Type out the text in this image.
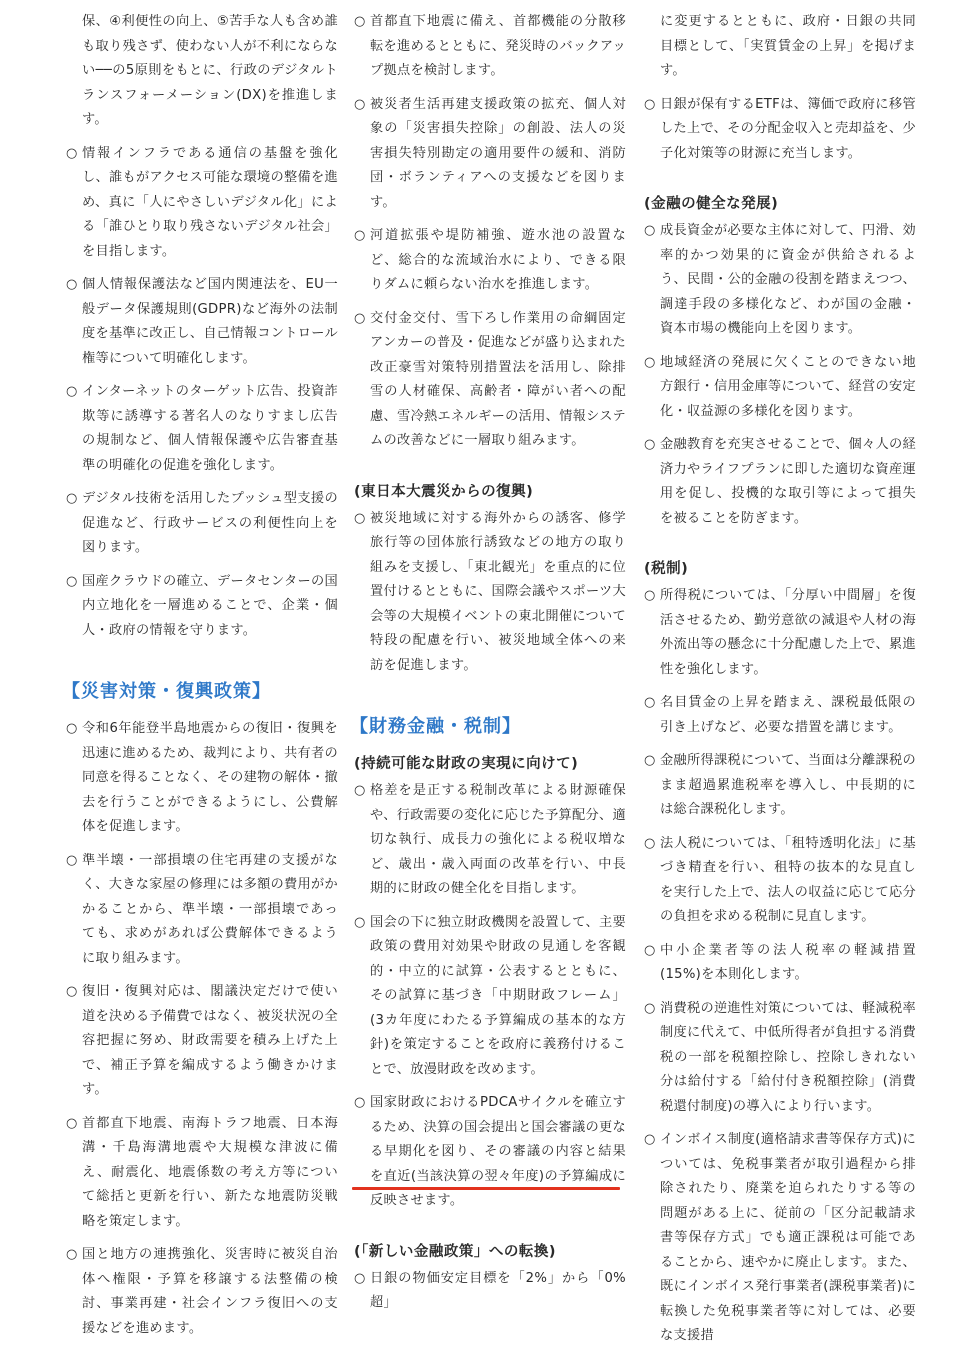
保、④利便性の向上、⑤苦手な人も含め誰も取り残さず、使わない人が不利にならない──の5原則をもとに、行政のデジタルトランスフォーメーション(DX)を推進します。
○ 情報インフラである通信の基盤を強化し、誰もがアクセス可能な環境の整備を進め、真に「人にやさしいデジタル化」による「誰ひとり取り残さないデジタル社会」を目指します。
○ 個人情報保護法など国内関連法を、EU一般データ保護規則(GDPR)など海外の法制度を基準に改正し、自己情報コントロール権等について明確化します。
○ インターネットのターゲット広告、投資詐欺等に誘導する著名人のなりすまし広告の規制など、個人情報保護や広告審査基準の明確化の促進を強化します。
○ デジタル技術を活用したプッシュ型支援の促進など、行政サービスの利便性向上を図ります。
○ 国産クラウドの確立、データセンターの国内立地化を一層進めることで、企業・個人・政府の情報を守ります。
【災害対策・復興政策】
○ 令和6年能登半島地震からの復旧・復興を迅速に進めるため、裁判により、共有者の同意を得ることなく、その建物の解体・撤去を行うことができるようにし、公費解体を促進します。
○ 準半壊・一部損壊の住宅再建の支援がなく、大きな家屋の修理には多額の費用がかかることから、準半壊・一部損壊であっても、求めがあれば公費解体できるように取り組みます。
○ 復旧・復興対応は、閣議決定だけで使い道を決める予備費ではなく、被災状況の全容把握に努め、財政需要を積み上げた上で、補正予算を編成するよう働きかけます。
○ 首都直下地震、南海トラフ地震、日本海溝・千島海溝地震や大規模な津波に備え、耐震化、地震係数の考え方等について総括と更新を行い、新たな地震防災戦略を策定します。
○ 国と地方の連携強化、災害時に被災自治体へ権限・予算を移譲する法整備の検討、事業再建・社会インフラ復旧への支援などを進めます。
○ 首都直下地震に備え、首都機能の分散移転を進めるとともに、発災時のバックアップ拠点を検討します。
○ 被災者生活再建支援政策の拡充、個人対象の「災害損失控除」の創設、法人の災害損失特別勘定の適用要件の緩和、消防団・ボランティアへの支援などを図ります。
○ 河道拡張や堤防補強、遊水池の設置など、総合的な流域治水により、できる限りダムに頼らない治水を推進します。
○ 交付金交付、雪下ろし作業用の命綱固定アンカーの普及・促進などが盛り込まれた改正豪雪対策特別措置法を活用し、除排雪の人材確保、高齢者・障がい者への配慮、雪冷熱エネルギーの活用、情報システムの改善などに一層取り組みます。
(東日本大震災からの復興)
○ 被災地域に対する海外からの誘客、修学旅行等の団体旅行誘致などの地方の取り組みを支援し、「東北観光」を重点的に位置付けるとともに、国際会議やスポーツ大会等の大規模イベントの東北開催について特段の配慮を行い、被災地域全体への来訪を促進します。
【財務金融・税制】
(持続可能な財政の実現に向けて)
○ 格差を是正する税制改革による財源確保や、行政需要の変化に応じた予算配分、適切な執行、成長力の強化による税収増など、歳出・歳入両面の改革を行い、中長期的に財政の健全化を目指します。
○ 国会の下に独立財政機関を設置して、主要政策の費用対効果や財政の見通しを客観的・中立的に試算・公表するとともに、その試算に基づき「中期財政フレーム」(3カ年度にわたる予算編成の基本的な方針)を策定することを政府に義務付けることで、放漫財政を改めます。
○ 国家財政におけるPDCAサイクルを確立するため、決算の国会提出と国会審議の更なる早期化を図り、その審議の内容と結果を直近(当該決算の翌々年度)の予算編成に反映させます。
(「新しい金融政策」への転換)
○ 日銀の物価安定目標を「2%」から「0%超」
に変更するとともに、政府・日銀の共同目標として、「実質賃金の上昇」を掲げます。
○ 日銀が保有するETFは、簿価で政府に移管した上で、その分配金収入と売却益を、少子化対策等の財源に充当します。
(金融の健全な発展)
○ 成長資金が必要な主体に対して、円滑、効率的かつ効果的に資金が供給されるよう、民間・公的金融の役割を踏まえつつ、調達手段の多様化など、わが国の金融・資本市場の機能向上を図ります。
○ 地域経済の発展に欠くことのできない地方銀行・信用金庫等について、経営の安定化・収益源の多様化を図ります。
○ 金融教育を充実させることで、個々人の経済力やライフプランに即した適切な資産運用を促し、投機的な取引等によって損失を被ることを防ぎます。
(税制)
○ 所得税については、「分厚い中間層」を復活させるため、勤労意欲の減退や人材の海外流出等の懸念に十分配慮した上で、累進性を強化します。
○ 名目賃金の上昇を踏まえ、課税最低限の引き上げなど、必要な措置を講じます。
○ 金融所得課税について、当面は分離課税のまま超過累進税率を導入し、中長期的には総合課税化します。
○ 法人税については、「租特透明化法」に基づき精査を行い、租特の抜本的な見直しを実行した上で、法人の収益に応じて応分の負担を求める税制に見直します。
○ 中小企業者等の法人税率の軽減措置(15%)を本則化します。
○ 消費税の逆進性対策については、軽減税率制度に代えて、中低所得者が負担する消費税の一部を税額控除し、控除しきれない分は給付する「給付付き税額控除」(消費税還付制度)の導入により行います。
○ インボイス制度(適格請求書等保存方式)については、免税事業者が取引過程から排除されたり、廃業を迫られたりする等の問題がある上に、従前の「区分記載請求書等保存方式」でも適正課税は可能であることから、速やかに廃止します。また、既にインボイス発行事業者(課税事業者)に転換した免税事業者等に対しては、必要な支援措
